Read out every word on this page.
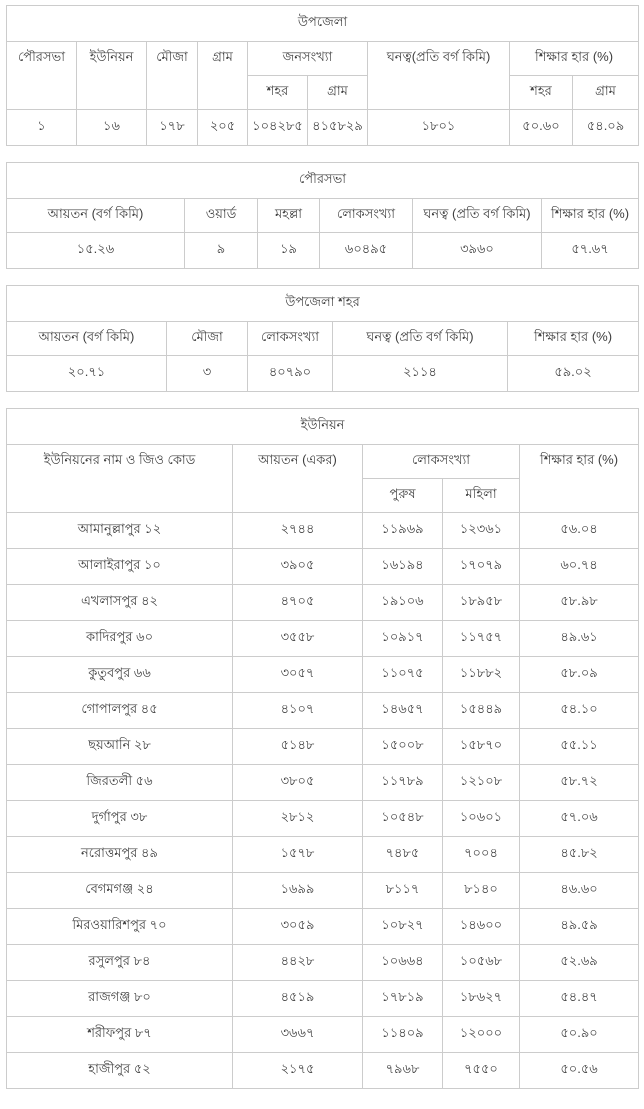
উপজেলা								
পৌরসভা	ইউনিয়ন	মৌজা	গ্রাম	জনসংখ্যা		ঘনত্ব(প্রতি বর্গ কিমি)	শিক্ষার হার (%)	
				শহর	গ্রাম		শহর	গ্রাম
১	১৬	১৭৮	২০৫	১০৪২৮৫	৪১৫৮২৯	১৮০১	৫০.৬০	৫৪.০৯
পৌরসভা					
আয়তন (বর্গ কিমি)	ওয়ার্ড	মহল্লা	লোকসংখ্যা	ঘনত্ব (প্রতি বর্গ কিমি)	শিক্ষার হার (%)
১৫.২৬	৯	১৯	৬০৪৯৫	৩৯৬০	৫৭.৬৭
উপজেলা শহর				
আয়তন (বর্গ কিমি)	মৌজা	লোকসংখ্যা	ঘনত্ব (প্রতি বর্গ কিমি)	শিক্ষার হার (%)
২০.৭১	৩	৪০৭৯০	২১১৪	৫৯.০২
ইউনিয়ন				
ইউনিয়নের নাম ও জিও কোড	আয়তন (একর)	লোকসংখ্যা		শিক্ষার হার (%)
		পুরুষ	মহিলা	
আমানুল্লাপুর ১২	২৭৪৪	১১৯৬৯	১২৩৬১	৫৬.০৪
আলাইরাপুর ১০	৩৯০৫	১৬১৯৪	১৭০৭৯	৬০.৭৪
এখলাসপুর ৪২	৪৭০৫	১৯১০৬	১৮৯৫৮	৫৮.৯৮
কাদিরপুর ৬০	৩৫৫৮	১০৯১৭	১১৭৫৭	৪৯.৬১
কুতুবপুর ৬৬	৩০৫৭	১১০৭৫	১১৮৮২	৫৮.০৯
গোপালপুর ৪৫	৪১০৭	১৪৬৫৭	১৫৪৪৯	৫৪.১০
ছয়আনি ২৮	৫১৪৮	১৫০০৮	১৫৮৭০	৫৫.১১
জিরতলী ৫৬	৩৮০৫	১১৭৮৯	১২১০৮	৫৮.৭২
দুর্গাপুর ৩৮	২৮১২	১০৫৪৮	১০৬০১	৫৭.০৬
নরোত্তমপুর ৪৯	১৫৭৮	৭৪৮৫	৭০০৪	৪৫.৮২
বেগমগঞ্জ ২৪	১৬৯৯	৮১১৭	৮১৪০	৪৬.৬০
মিরওয়ারিশপুর ৭০	৩০৫৯	১০৮২৭	১৪৬০০	৪৯.৫৯
রসুলপুর ৮৪	৪৪২৮	১০৬৬৪	১০৫৬৮	৫২.৬৯
রাজগঞ্জ ৮০	৪৫১৯	১৭৮১৯	১৮৬২৭	৫৪.৪৭
শরীফপুর ৮৭	৩৬৬৭	১১৪০৯	১২০০০	৫০.৯০
হাজীপুর ৫২	২১৭৫	৭৯৬৮	৭৫৫০	৫০.৫৬
